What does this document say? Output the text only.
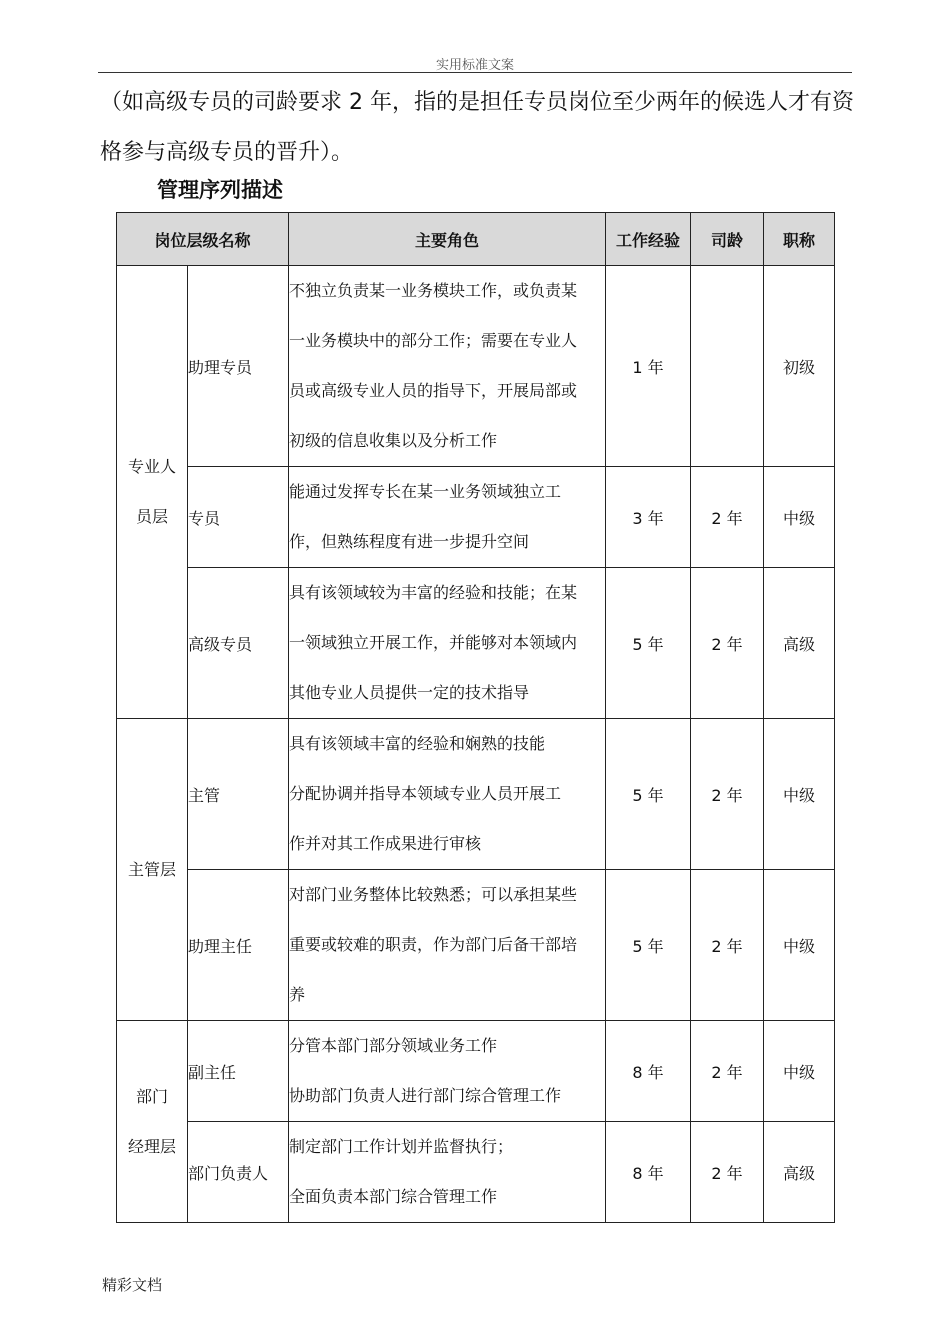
实用标准文案

（如高级专员的司龄要求 2 年，指的是担任专员岗位至少两年的候选人才有资格参与高级专员的晋升）。

管理序列描述
岗位层级名称		主要角色	工作经验	司龄	职称

专业人
员层	助理专员	不独立负责某一业务模块工作，或负责某
一业务模块中的部分工作；需要在专业人
员或高级专业人员的指导下，开展局部或
初级的信息收集以及分析工作	1 年		初级
	专员	能通过发挥专长在某一业务领域独立工
作，但熟练程度有进一步提升空间	3 年	2 年	中级
	高级专员	具有该领域较为丰富的经验和技能；在某
一领域独立开展工作，并能够对本领域内
其他专业人员提供一定的技术指导	5 年	2 年	高级

主管层	主管	具有该领域丰富的经验和娴熟的技能
分配协调并指导本领域专业人员开展工
作并对其工作成果进行审核	5 年	2 年	中级
	助理主任	对部门业务整体比较熟悉；可以承担某些
重要或较难的职责，作为部门后备干部培
养	5 年	2 年	中级

部门
经理层	副主任	分管本部门部分领域业务工作
协助部门负责人进行部门综合管理工作	8 年	2 年	中级
	部门负责人	制定部门工作计划并监督执行；
全面负责本部门综合管理工作	8 年	2 年	高级
精彩文档
